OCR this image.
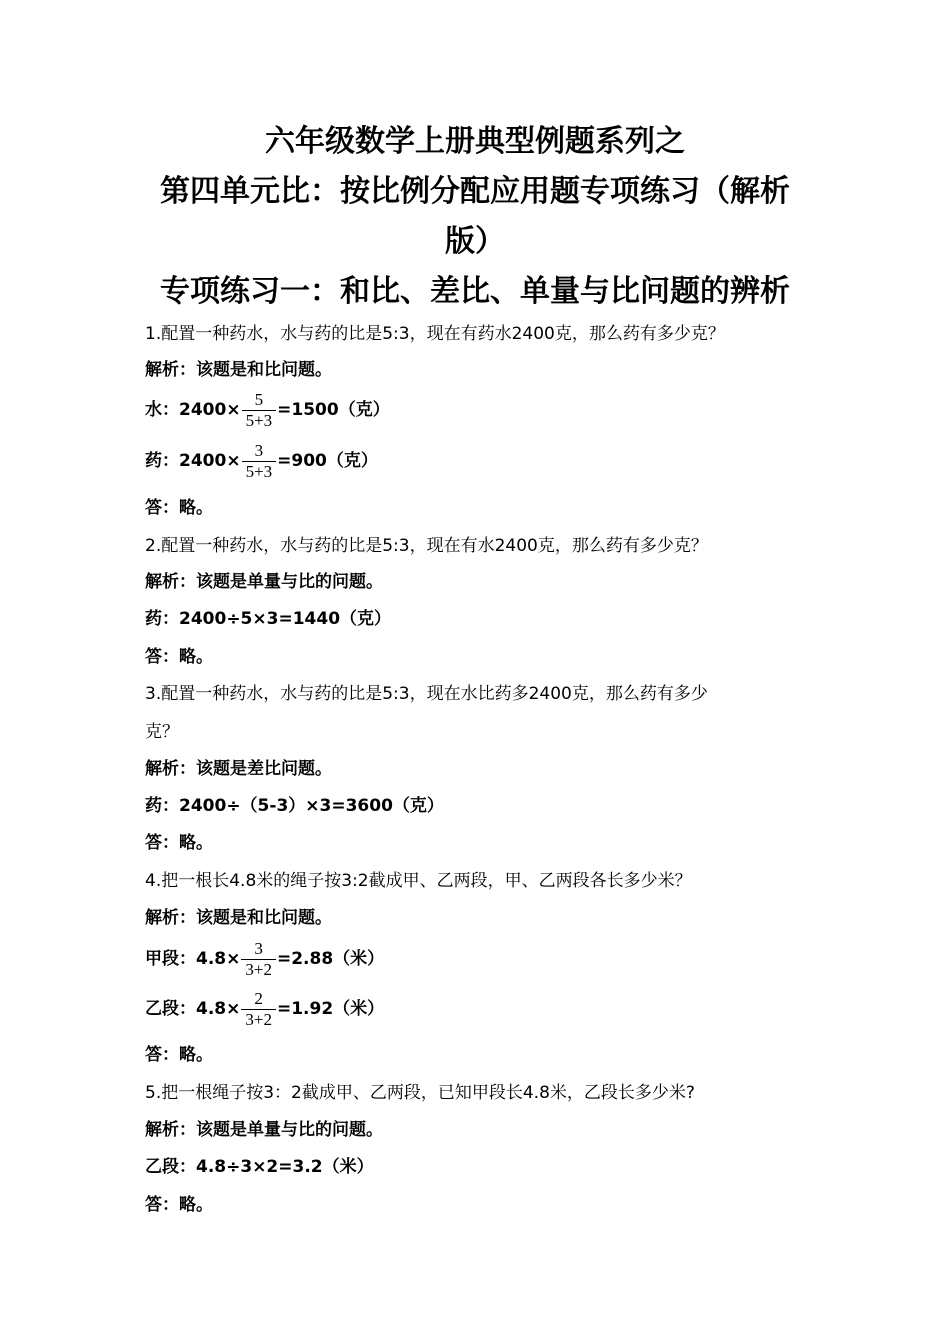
六年级数学上册典型例题系列之
第四单元比：按比例分配应用题专项练习（解析
版）
专项练习一：和比、差比、单量与比问题的辨析
1.配置一种药水，水与药的比是5:3，现在有药水2400克，那么药有多少克？
解析：该题是和比问题。
水：$2400\times \frac{5}{5+3} =1500$（克）
药：$2400\times \frac{3}{5+3} =900$（克）
答：略。
2.配置一种药水，水与药的比是5:3，现在有水2400克，那么药有多少克？
解析：该题是单量与比的问题。
药：2400÷5×3=1440（克）
答：略。
3.配置一种药水，水与药的比是5:3，现在水比药多2400克，那么药有多少
克？
解析：该题是差比问题。
药：2400÷（5-3）×3=3600（克）
答：略。
4.把一根长4.8米的绳子按3:2截成甲、乙两段，甲、乙两段各长多少米？
解析：该题是和比问题。
甲段：$4.8\times \frac{3}{3+2} =2.88$（米）
乙段：$4.8\times \frac{2}{3+2} =1.92$（米）
答：略。
5.把一根绳子按3：2截成甲、乙两段，已知甲段长4.8米，乙段长多少米?
解析：该题是单量与比的问题。
乙段：4.8÷3×2=3.2（米）
答：略。
